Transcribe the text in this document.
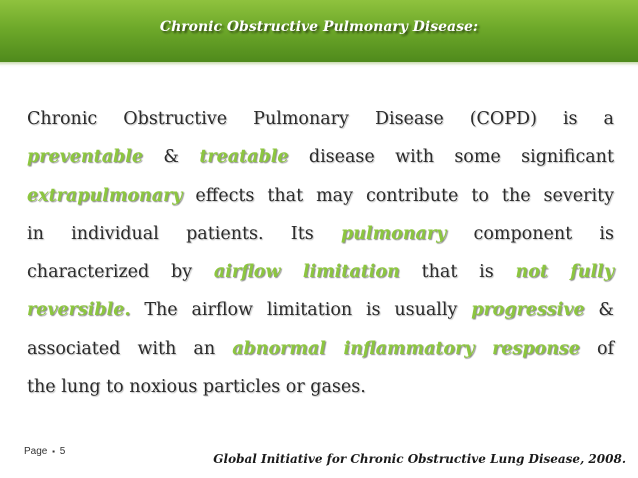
Chronic Obstructive Pulmonary Disease:
Chronic Obstructive Pulmonary Disease (COPD) is a
preventable & treatable disease with some significant
extrapulmonary effects that may contribute to the severity
in individual patients. Its pulmonary component is
characterized by airflow limitation that is not fully
reversible. The airflow limitation is usually progressive &
associated with an abnormal inflammatory response of
the lung to noxious particles or gases.
Page ▪ 5
Global Initiative for Chronic Obstructive Lung Disease, 2008.
